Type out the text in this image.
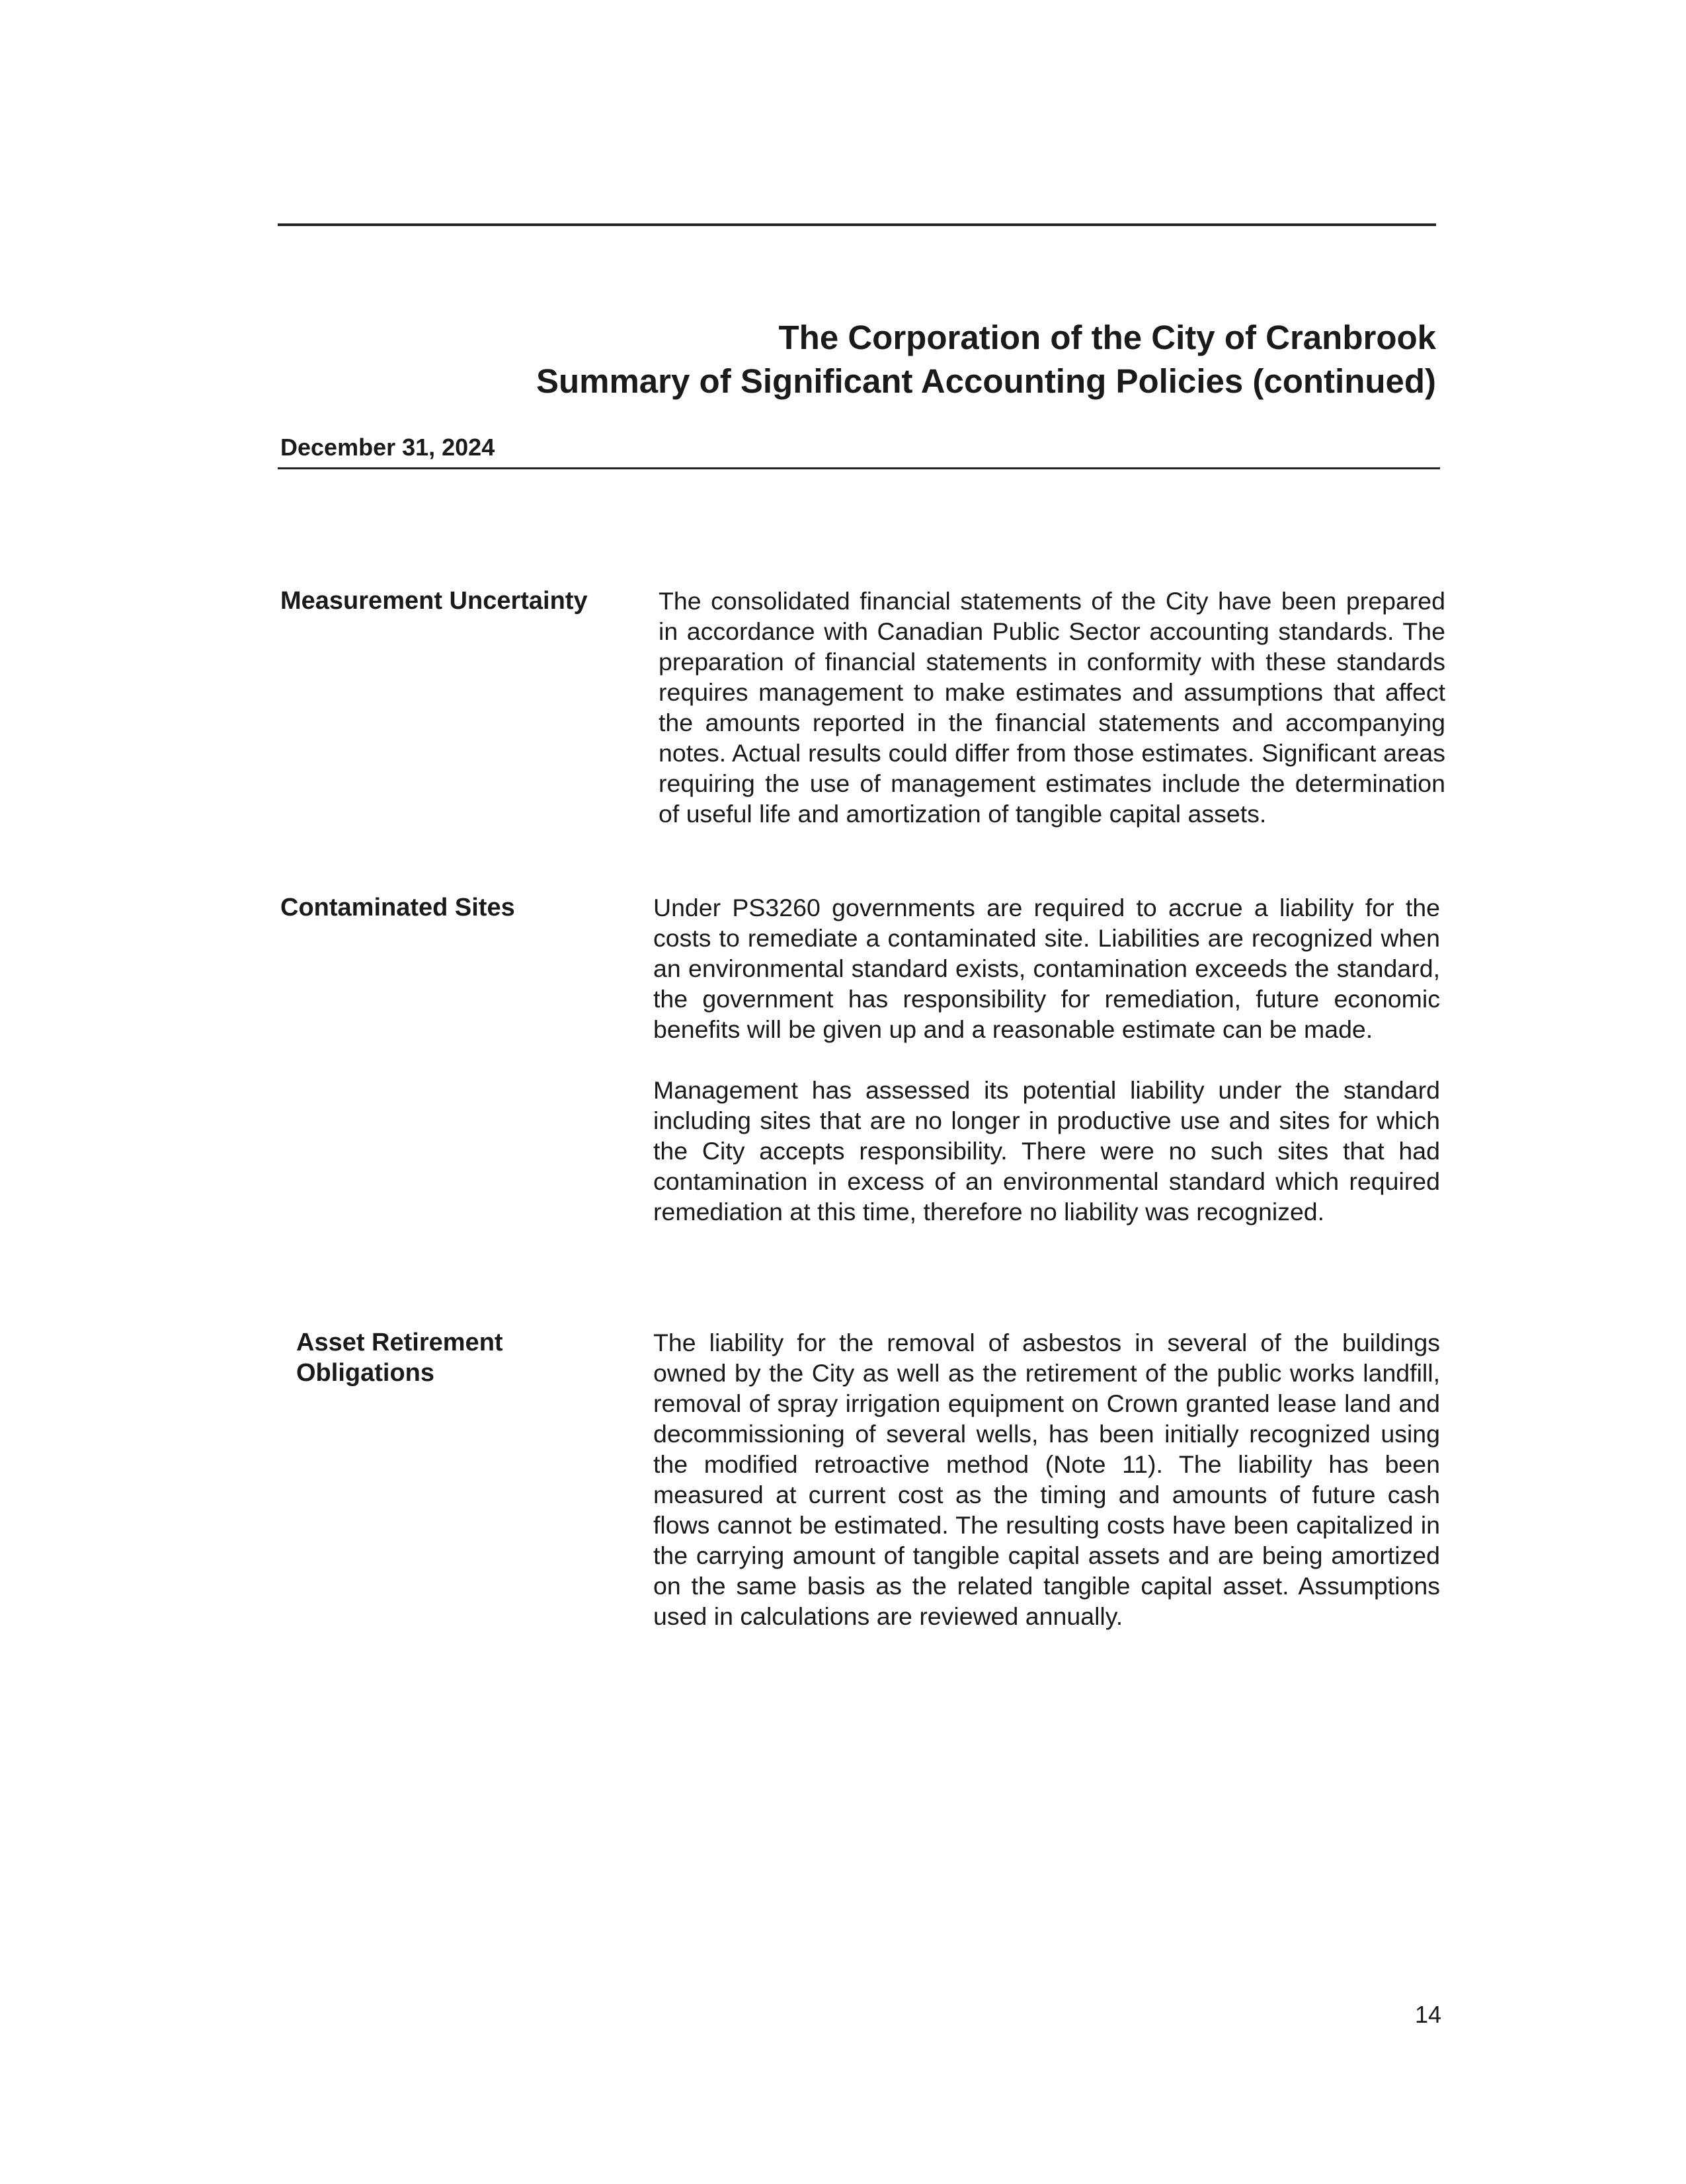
The Corporation of the City of Cranbrook
Summary of Significant Accounting Policies (continued)
December 31, 2024
Measurement Uncertainty	The consolidated financial statements of the City have been prepared in accordance with Canadian Public Sector accounting standards. The preparation of financial statements in conformity with these standards requires management to make estimates and assumptions that affect the amounts reported in the financial statements and accompanying notes. Actual results could differ from those estimates. Significant areas requiring the use of management estimates include the determination of useful life and amortization of tangible capital assets.

Contaminated Sites	Under PS3260 governments are required to accrue a liability for the costs to remediate a contaminated site. Liabilities are recognized when an environmental standard exists, contamination exceeds the standard, the government has responsibility for remediation, future economic benefits will be given up and a reasonable estimate can be made.

Management has assessed its potential liability under the standard including sites that are no longer in productive use and sites for which the City accepts responsibility. There were no such sites that had contamination in excess of an environmental standard which required remediation at this time, therefore no liability was recognized.

Asset Retirement
Obligations

The liability for the removal of asbestos in several of the buildings owned by the City as well as the retirement of the public works landfill, removal of spray irrigation equipment on Crown granted lease land and decommissioning of several wells, has been initially recognized using the modified retroactive method (Note 11). The liability has been measured at current cost as the timing and amounts of future cash flows cannot be estimated. The resulting costs have been capitalized in the carrying amount of tangible capital assets and are being amortized on the same basis as the related tangible capital asset. Assumptions used in calculations are reviewed annually.

14
